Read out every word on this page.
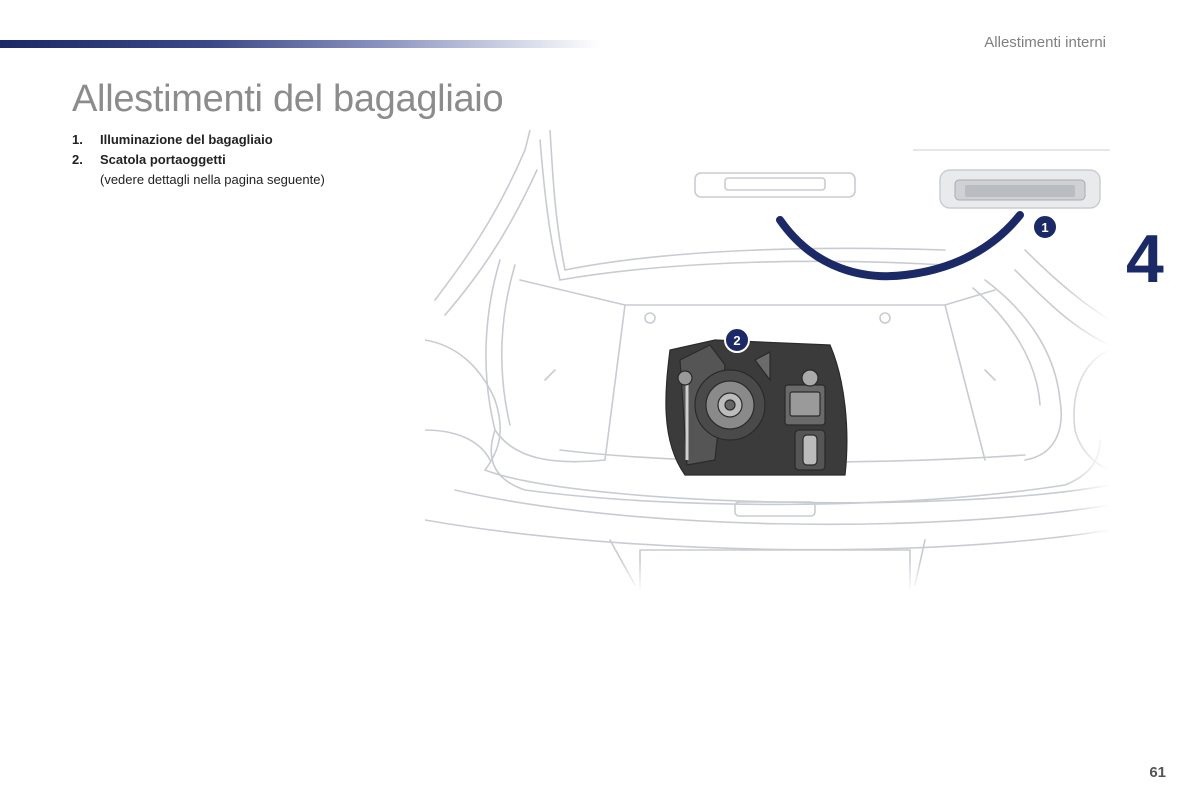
Allestimenti interni
Allestimenti del bagagliaio
1. Illuminazione del bagagliaio
2. Scatola portaoggetti
(vedere dettagli nella pagina seguente)
1
2
4
61
